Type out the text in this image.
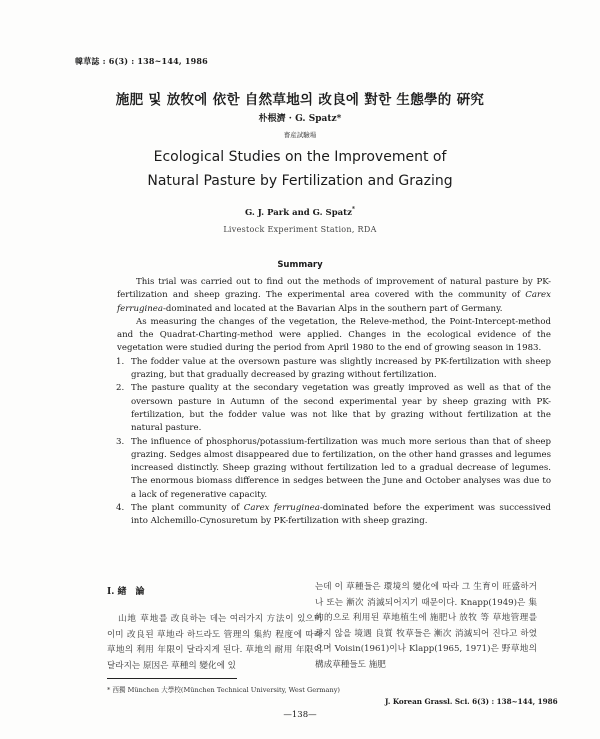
韓草誌 : 6(3) : 138~144, 1986
施肥 및 放牧에 依한 自然草地의 改良에 對한 生態學的 硏究
朴根濟 · G. Spatz*
畜産試驗場
Ecological Studies on the Improvement of
Natural Pasture by Fertilization and Grazing
G. J. Park and G. Spatz*
Livestock Experiment Station, RDA
Summary

This trial was carried out to find out the methods of improvement of natural pasture by PK-fertilization and sheep grazing. The experimental area covered with the community of Carex ferruginea-dominated and located at the Bavarian Alps in the southern part of Germany.

As measuring the changes of the vegetation, the Releve-method, the Point-Intercept-method and the Quadrat-Charting-method were applied. Changes in the ecological evidence of the vegetation were studied during the period from April 1980 to the end of growing season in 1983.

1. The fodder value at the oversown pasture was slightly increased by PK-fertilization with sheep grazing, but that gradually decreased by grazing without fertilization.
2. The pasture quality at the secondary vegetation was greatly improved as well as that of the oversown pasture in Autumn of the second experimental year by sheep grazing with PK-fertilization, but the fodder value was not like that by grazing without fertilization at the natural pasture.
3. The influence of phosphorus/potassium-fertilization was much more serious than that of sheep grazing. Sedges almost disappeared due to fertilization, on the other hand grasses and legumes increased distinctly. Sheep grazing without fertilization led to a gradual decrease of legumes. The enormous biomass difference in sedges between the June and October analyses was due to a lack of regenerative capacity.
4. The plant community of Carex ferruginea-dominated before the experiment was successived into Alchemillo-Cynosuretum by PK-fertilization with sheep grazing.
Ⅰ. 緖　論

山地 草地를 改良하는 데는 여러가지 方法이 있으며 이미 改良된 草地라 하드라도 管理의 集約 程度에 따라 草地의 利用 年限이 달라지게 된다. 草地의 耐用 年限이 달라지는 原因은 草種의 變化에 있

는데 이 草種들은 環境의 變化에 따라 그 生育이 旺盛하거나 또는 漸次 消滅되어지기 때문이다. Knapp(1949)은 集約的으로 利用된 草地植生에 施肥나 放牧 等 草地管理를 하지 않을 境遇 良質 牧草들은 漸次 消滅되어 진다고 하였으며 Voisin(1961)이나 Klapp(1965, 1971)은 野草地의 構成草種들도 施肥

* 西獨 München 大學校(München Technical University, West Germany)
J. Korean Grassl. Sci. 6(3) : 138~144, 1986
—138—
